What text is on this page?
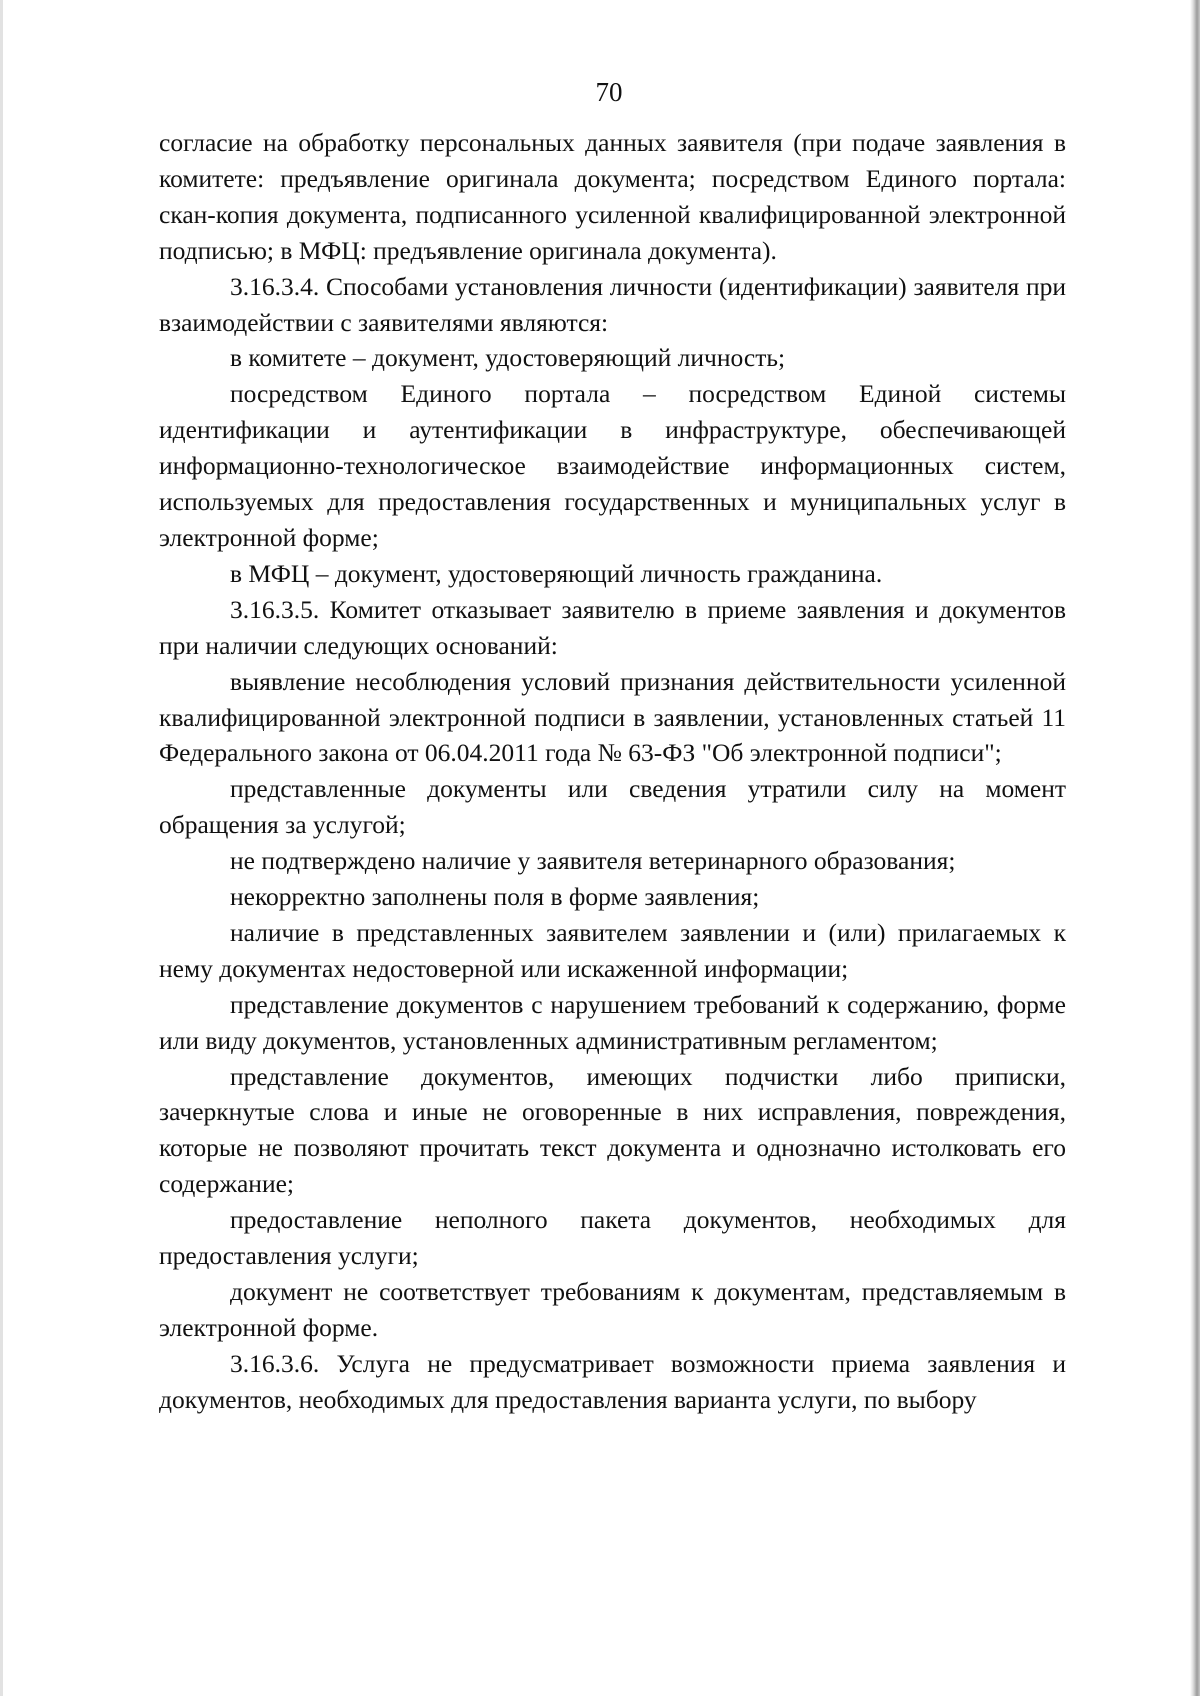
70

согласие на обработку персональных данных заявителя (при подаче заявления в комитете: предъявление оригинала документа; посредством Единого портала: скан-копия документа, подписанного усиленной квалифицированной электронной подписью; в МФЦ: предъявление оригинала документа).

3.16.3.4. Способами установления личности (идентификации) заявителя при взаимодействии с заявителями являются:

в комитете – документ, удостоверяющий личность;

посредством Единого портала – посредством Единой системы идентификации и аутентификации в инфраструктуре, обеспечивающей информационно-технологическое взаимодействие информационных систем, используемых для предоставления государственных и муниципальных услуг в электронной форме;

в МФЦ – документ, удостоверяющий личность гражданина.

3.16.3.5. Комитет отказывает заявителю в приеме заявления и документов при наличии следующих оснований:

выявление несоблюдения условий признания действительности усиленной квалифицированной электронной подписи в заявлении, установленных статьей 11 Федерального закона от 06.04.2011 года № 63-ФЗ "Об электронной подписи";

представленные документы или сведения утратили силу на момент обращения за услугой;

не подтверждено наличие у заявителя ветеринарного образования;

некорректно заполнены поля в форме заявления;

наличие в представленных заявителем заявлении и (или) прилагаемых к нему документах недостоверной или искаженной информации;

представление документов с нарушением требований к содержанию, форме или виду документов, установленных административным регламентом;

представление документов, имеющих подчистки либо приписки, зачеркнутые слова и иные не оговоренные в них исправления, повреждения, которые не позволяют прочитать текст документа и однозначно истолковать его содержание;

предоставление неполного пакета документов, необходимых для предоставления услуги;

документ не соответствует требованиям к документам, представляемым в электронной форме.

3.16.3.6. Услуга не предусматривает возможности приема заявления и документов, необходимых для предоставления варианта услуги, по выбору
